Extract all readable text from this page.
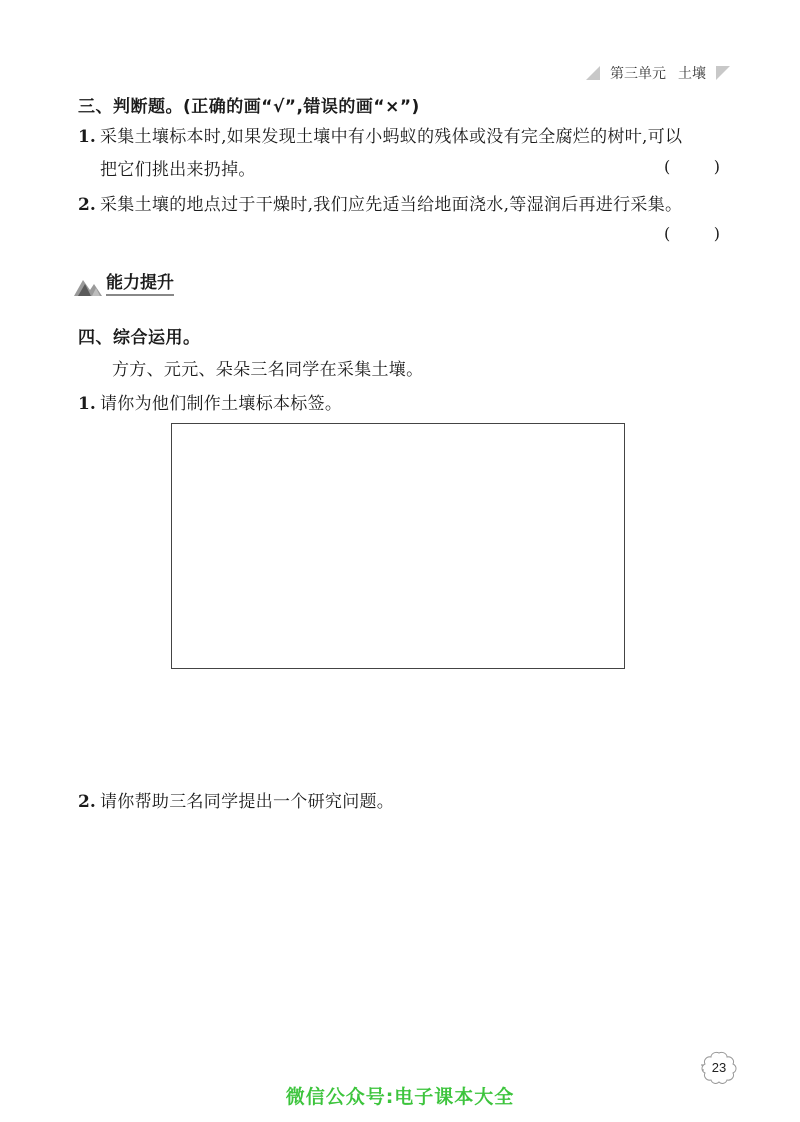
第三单元 土壤
三、判断题。(正确的画“√”,错误的画“×”)
1. 采集土壤标本时,如果发现土壤中有小蚂蚁的残体或没有完全腐烂的树叶,可以
把它们挑出来扔掉。	(	)
2. 采集土壤的地点过于干燥时,我们应先适当给地面浇水,等湿润后再进行采集。
(	)
能力提升
四、综合运用。
方方、元元、朵朵三名同学在采集土壤。
1. 请你为他们制作土壤标本标签。
2. 请你帮助三名同学提出一个研究问题。
23
微信公众号:电子课本大全
